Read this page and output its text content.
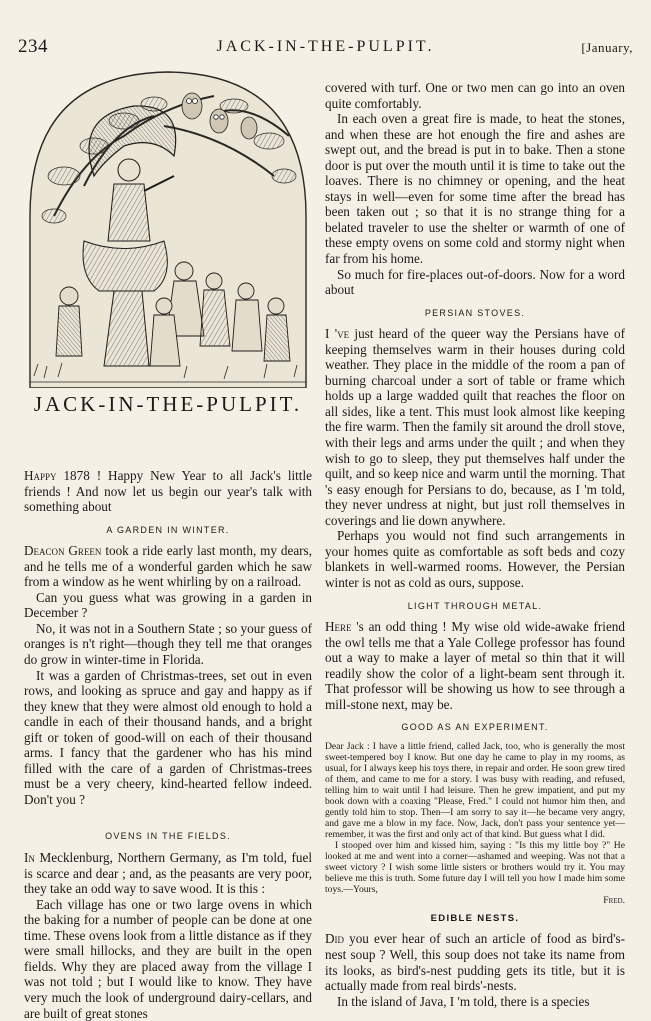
234	JACK-IN-THE-PULPIT.	[January,
JACK-IN-THE-PULPIT.

Happy 1878 ! Happy New Year to all Jack's little friends ! And now let us begin our year's talk with something about

A GARDEN IN WINTER.

Deacon Green took a ride early last month, my dears, and he tells me of a wonderful garden which he saw from a window as he went whirling by on a railroad.

Can you guess what was growing in a garden in December ?

No, it was not in a Southern State ; so your guess of oranges is n't right—though they tell me that oranges do grow in winter-time in Florida.

It was a garden of Christmas-trees, set out in even rows, and looking as spruce and gay and happy as if they knew that they were almost old enough to hold a candle in each of their thousand hands, and a bright gift or token of good-will on each of their thousand arms. I fancy that the gardener who has his mind filled with the care of a garden of Christmas-trees must be a very cheery, kind-hearted fellow indeed. Don't you ?

OVENS IN THE FIELDS.

In Mecklenburg, Northern Germany, as I'm told, fuel is scarce and dear ; and, as the peasants are very poor, they take an odd way to save wood. It is this :

Each village has one or two large ovens in which the baking for a number of people can be done at one time. These ovens look from a little distance as if they were small hillocks, and they are built in the open fields. Why they are placed away from the village I was not told ; but I would like to know. They have very much the look of underground dairy-cellars, and are built of great stones

covered with turf. One or two men can go into an oven quite comfortably.

In each oven a great fire is made, to heat the stones, and when these are hot enough the fire and ashes are swept out, and the bread is put in to bake. Then a stone door is put over the mouth until it is time to take out the loaves. There is no chimney or opening, and the heat stays in well—even for some time after the bread has been taken out ; so that it is no strange thing for a belated traveler to use the shelter or warmth of one of these empty ovens on some cold and stormy night when far from his home.

So much for fire-places out-of-doors. Now for a word about

PERSIAN STOVES.

I 've just heard of the queer way the Persians have of keeping themselves warm in their houses during cold weather. They place in the middle of the room a pan of burning charcoal under a sort of table or frame which holds up a large wadded quilt that reaches the floor on all sides, like a tent. This must look almost like keeping the fire warm. Then the family sit around the droll stove, with their legs and arms under the quilt ; and when they wish to go to sleep, they put themselves half under the quilt, and so keep nice and warm until the morning. That 's easy enough for Persians to do, because, as I 'm told, they never undress at night, but just roll themselves in coverings and lie down anywhere.

Perhaps you would not find such arrangements in your homes quite as comfortable as soft beds and cozy blankets in well-warmed rooms. However, the Persian winter is not as cold as ours, suppose.

LIGHT THROUGH METAL.

Here 's an odd thing ! My wise old wide-awake friend the owl tells me that a Yale College professor has found out a way to make a layer of metal so thin that it will readily show the color of a light-beam sent through it. That professor will be showing us how to see through a mill-stone next, may be.

GOOD AS AN EXPERIMENT.

Dear Jack : I have a little friend, called Jack, too, who is generally the most sweet-tempered boy I know. But one day he came to play in my rooms, as usual, for I always keep his toys there, in repair and order. He soon grew tired of them, and came to me for a story. I was busy with reading, and refused, telling him to wait until I had leisure. Then he grew impatient, and put my book down with a coaxing "Please, Fred." I could not humor him then, and gently told him to stop. Then—I am sorry to say it—he became very angry, and gave me a blow in my face. Now, Jack, don't pass your sentence yet—remember, it was the first and only act of that kind. But guess what I did.

I stooped over him and kissed him, saying : "Is this my little boy ?" He looked at me and went into a corner—ashamed and weeping. Was not that a sweet victory ? I wish some little sisters or brothers would try it. You may believe me this is truth. Some future day I will tell you how I made him some toys.—Yours,

Fred.
EDIBLE NESTS.

Did you ever hear of such an article of food as bird's-nest soup ? Well, this soup does not take its name from its looks, as bird's-nest pudding gets its title, but it is actually made from real birds'-nests.

In the island of Java, I 'm told, there is a species
